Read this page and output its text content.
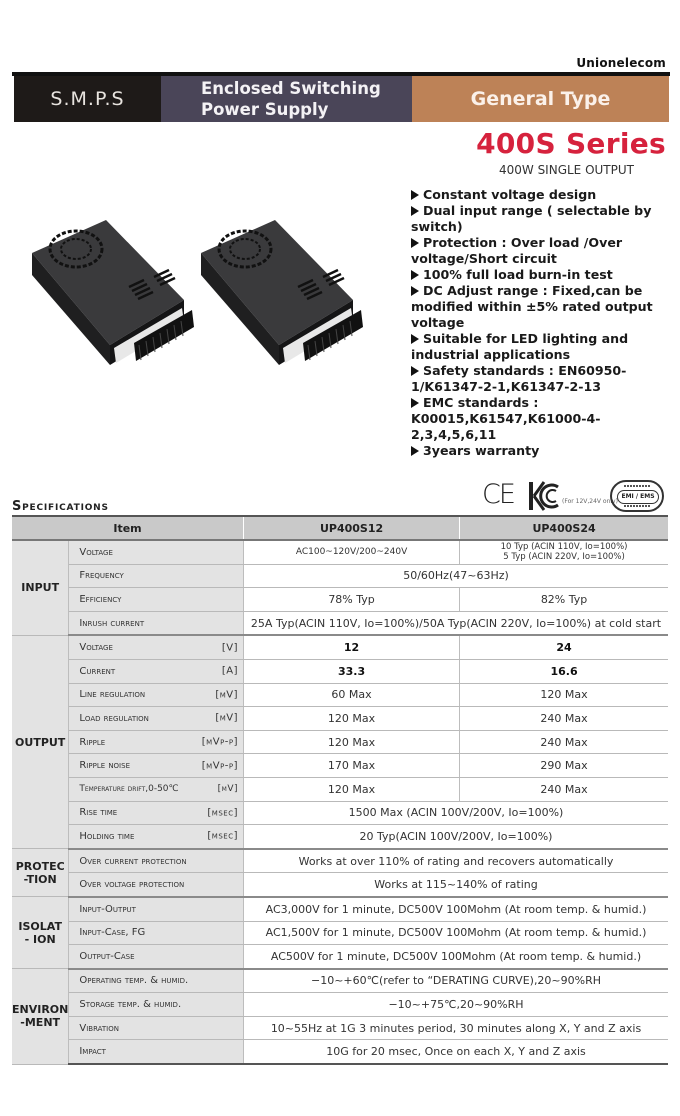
Unionelecom
S.M.P.S	Enclosed Switching
Power Supply	General Type
400S Series
400W SINGLE OUTPUT

Constant voltage design

Dual input range ( selectable by switch)

Protection : Over load /Over voltage/Short circuit

100% full load burn-in test

DC Adjust range : Fixed,can be modified within ±5% rated output voltage

Suitable for LED lighting and industrial applications

Safety standards : EN60950-1/K61347-2-1,K61347-2-13

EMC standards : K00015,K61547,K61000-4-2,3,4,5,6,11

3years warranty

Specifications	CE	(For 12V,24V only)
EMI / EMS
Item		UP400S12	UP400S24
INPUT	Voltage	AC100~120V/200~240V	10 Typ (ACIN 110V, Io=100%)
5 Typ (ACIN 220V, Io=100%)

	Frequency	50/60Hz(47~63Hz)	
	Efficiency	78% Typ	82% Typ
	Inrush current	25A Typ(ACIN 110V, Io=100%)/50A Typ(ACIN 220V, Io=100%) at cold start	
OUTPUT	Voltage [V]	12	24
	Current [A]	33.3	16.6
	Line regulation [mV]	60 Max	120 Max
	Load regulation [mV]	120 Max	240 Max
	Ripple [mVp-p]	120 Max	240 Max
	Ripple noise [mVp-p]	170 Max	290 Max
	Temperature drift,0-50℃ [mV]	120 Max	240 Max
	Rise time [msec]	1500 Max (ACIN 100V/200V, Io=100%)	
	Holding time [msec]	20 Typ(ACIN 100V/200V, Io=100%)	

PROTEC
-TION	Over current protection	Works at over 110% of rating and recovers automatically	
	Over voltage protection	Works at 115~140% of rating	

ISOLAT
- ION	Input-Output	AC3,000V for 1 minute, DC500V 100Mohm (At room temp. & humid.)	
	Input-Case, FG	AC1,500V for 1 minute, DC500V 100Mohm (At room temp. & humid.)	
	Output-Case	AC500V for 1 minute, DC500V 100Mohm (At room temp. & humid.)	

ENVIRON
-MENT	Operating temp. & humid.	−10~+60℃(refer to “DERATING CURVE),20~90%RH	
	Storage temp. & humid.	−10~+75℃,20~90%RH	
	Vibration	10~55Hz at 1G 3 minutes period, 30 minutes along X, Y and Z axis	
	Impact	10G for 20 msec, Once on each X, Y and Z axis	
